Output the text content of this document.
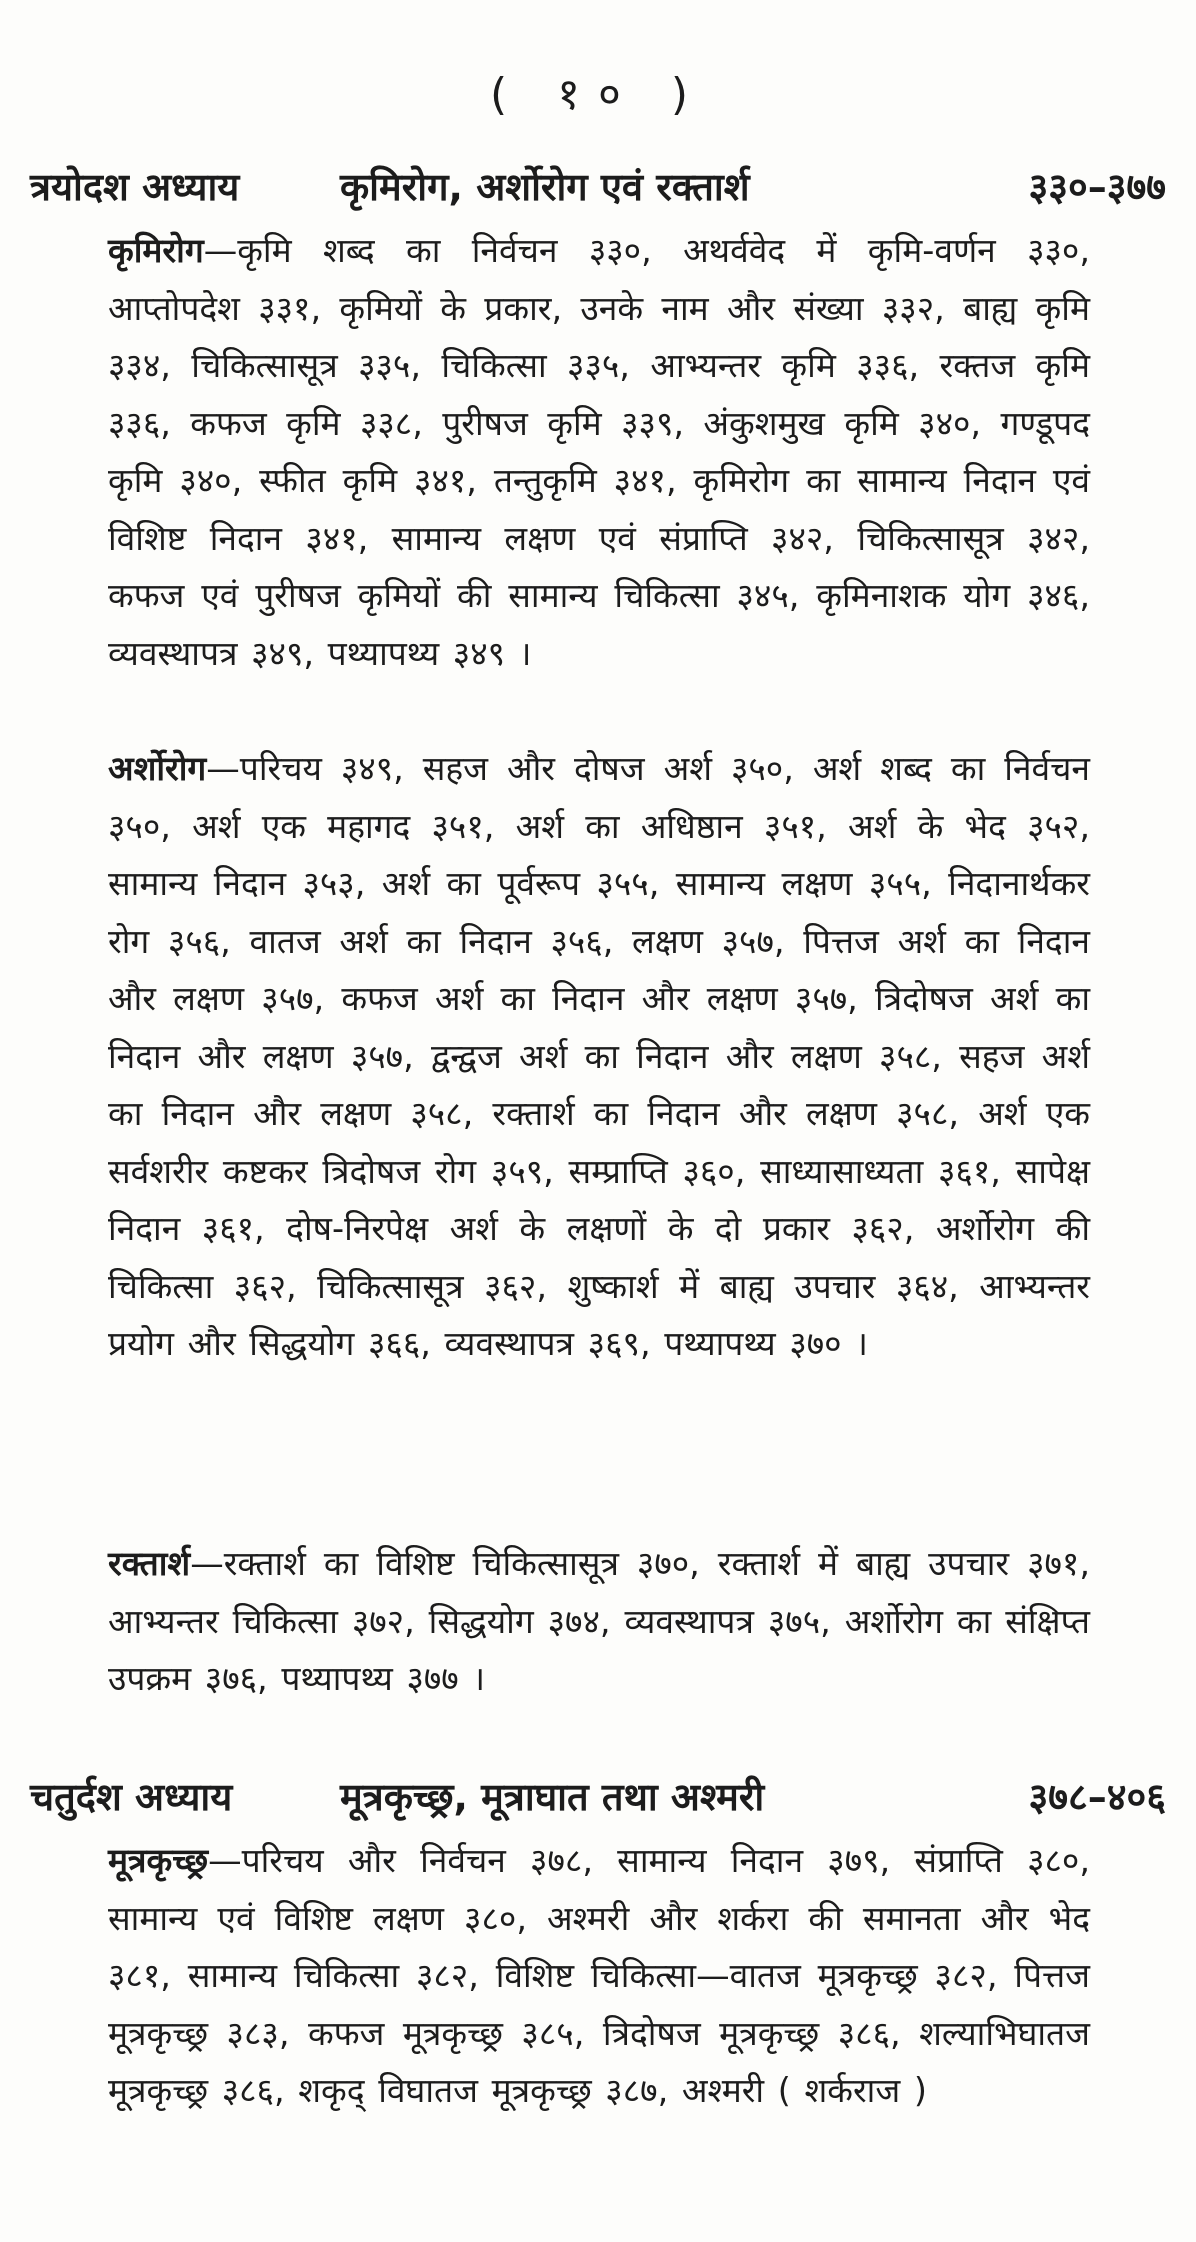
( १० )
त्रयोदश अध्याय	कृमिरोग, अर्शोरोग एवं रक्तार्श	३३०–३७७
कृमिरोग—कृमि शब्द का निर्वचन ३३०, अथर्ववेद में कृमि-वर्णन ३३०, आप्तोपदेश ३३१, कृमियों के प्रकार, उनके नाम और संख्या ३३२, बाह्य कृमि ३३४, चिकित्सासूत्र ३३५, चिकित्सा ३३५, आभ्यन्तर कृमि ३३६, रक्तज कृमि ३३६, कफज कृमि ३३८, पुरीषज कृमि ३३९, अंकुशमुख कृमि ३४०, गण्डूपद कृमि ३४०, स्फीत कृमि ३४१, तन्तुकृमि ३४१, कृमिरोग का सामान्य निदान एवं विशिष्ट निदान ३४१, सामान्य लक्षण एवं संप्राप्ति ३४२, चिकित्सासूत्र ३४२, कफज एवं पुरीषज कृमियों की सामान्य चिकित्सा ३४५, कृमिनाशक योग ३४६, व्यवस्थापत्र ३४९, पथ्यापथ्य ३४९ ।
अर्शोरोग—परिचय ३४९, सहज और दोषज अर्श ३५०, अर्श शब्द का निर्वचन ३५०, अर्श एक महागद ३५१, अर्श का अधिष्ठान ३५१, अर्श के भेद ३५२, सामान्य निदान ३५३, अर्श का पूर्वरूप ३५५, सामान्य लक्षण ३५५, निदानार्थकर रोग ३५६, वातज अर्श का निदान ३५६, लक्षण ३५७, पित्तज अर्श का निदान और लक्षण ३५७, कफज अर्श का निदान और लक्षण ३५७, त्रिदोषज अर्श का निदान और लक्षण ३५७, द्वन्द्वज अर्श का निदान और लक्षण ३५८, सहज अर्श का निदान और लक्षण ३५८, रक्तार्श का निदान और लक्षण ३५८, अर्श एक सर्वशरीर कष्टकर त्रिदोषज रोग ३५९, सम्प्राप्ति ३६०, साध्यासाध्यता ३६१, सापेक्ष निदान ३६१, दोष-निरपेक्ष अर्श के लक्षणों के दो प्रकार ३६२, अर्शोरोग की चिकित्सा ३६२, चिकित्सासूत्र ३६२, शुष्कार्श में बाह्य उपचार ३६४, आभ्यन्तर प्रयोग और सिद्धयोग ३६६, व्यवस्थापत्र ३६९, पथ्यापथ्य ३७० ।
रक्तार्श—रक्तार्श का विशिष्ट चिकित्सासूत्र ३७०, रक्तार्श में बाह्य उपचार ३७१, आभ्यन्तर चिकित्सा ३७२, सिद्धयोग ३७४, व्यवस्थापत्र ३७५, अर्शोरोग का संक्षिप्त उपक्रम ३७६, पथ्यापथ्य ३७७ ।
चतुर्दश अध्याय	मूत्रकृच्छ्र, मूत्राघात तथा अश्मरी	३७८–४०६
मूत्रकृच्छ्र—परिचय और निर्वचन ३७८, सामान्य निदान ३७९, संप्राप्ति ३८०, सामान्य एवं विशिष्ट लक्षण ३८०, अश्मरी और शर्करा की समानता और भेद ३८१, सामान्य चिकित्सा ३८२, विशिष्ट चिकित्सा—वातज मूत्रकृच्छ्र ३८२, पित्तज मूत्रकृच्छ्र ३८३, कफज मूत्रकृच्छ्र ३८५, त्रिदोषज मूत्रकृच्छ्र ३८६, शल्याभिघातज मूत्रकृच्छ्र ३८६, शकृद् विघातज मूत्रकृच्छ्र ३८७, अश्मरी ( शर्कराज )
